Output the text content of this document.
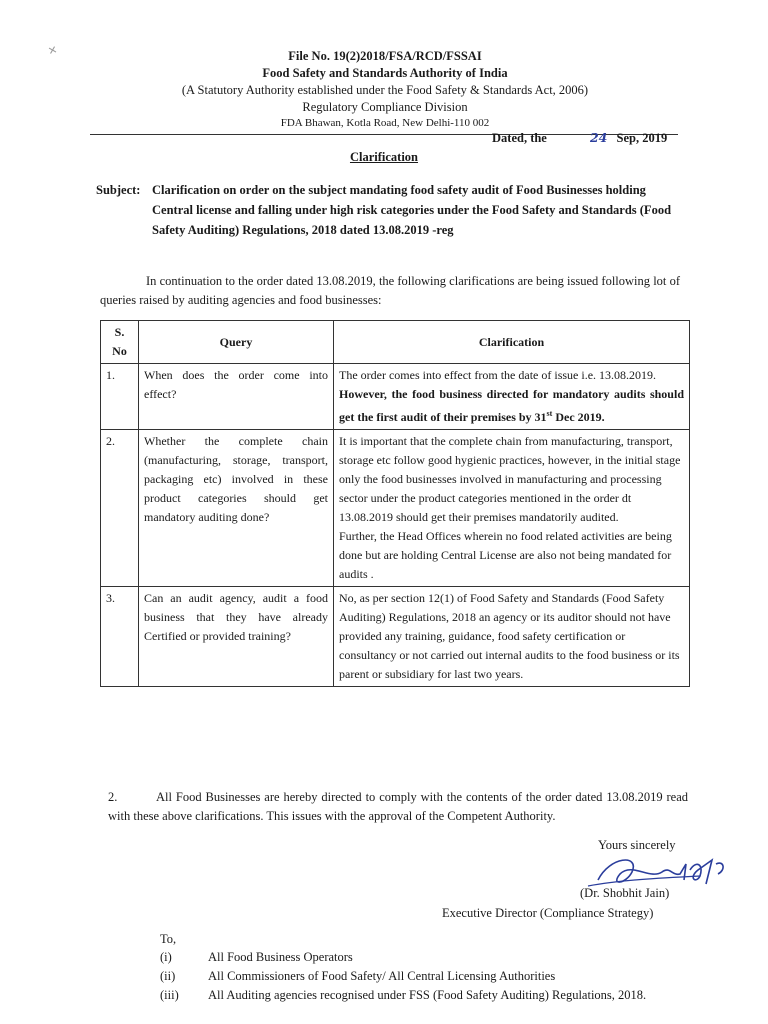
✕	File No. 19(2)2018/FSA/RCD/FSSAI
Food Safety and Standards Authority of India
(A Statutory Authority established under the Food Safety & Standards Act, 2006)
Regulatory Compliance Division
FDA Bhawan, Kotla Road, New Delhi-110 002
Dated, the	24 Sep, 2019
Clarification
Subject: Clarification on order on the subject mandating food safety audit of Food Businesses holding Central license and falling under high risk categories under the Food Safety and Standards (Food Safety Auditing) Regulations, 2018 dated 13.08.2019 -reg
In continuation to the order dated 13.08.2019, the following clarifications are being issued following lot of queries raised by auditing agencies and food businesses:
S. No	Query	Clarification
1.	When does the order come into effect?	The order comes into effect from the date of issue i.e. 13.08.2019.
However, the food business directed for mandatory audits should get the first audit of their premises by 31st Dec 2019.

2.	Whether the complete chain (manufacturing, storage, transport, packaging etc) involved in these product categories should get mandatory auditing done?	It is important that the complete chain from manufacturing, transport, storage etc follow good hygienic practices, however, in the initial stage only the food businesses involved in manufacturing and processing sector under the product categories mentioned in the order dt 13.08.2019 should get their premises mandatorily audited.
Further, the Head Offices wherein no food related activities are being done but are holding Central License are also not being mandated for audits .

3.	Can an audit agency, audit a food business that they have already Certified or provided training?	No, as per section 12(1) of Food Safety and Standards (Food Safety Auditing) Regulations, 2018 an agency or its auditor should not have provided any training, guidance, food safety certification or consultancy or not carried out internal audits to the food business or its parent or subsidiary for last two years.
2.	All Food Businesses are hereby directed to comply with the contents of the order dated 13.08.2019 read with these above clarifications. This issues with the approval of the Competent Authority.
Yours sincerely
(Dr. Shobhit Jain)
Executive Director (Compliance Strategy)
To,
(i)	All Food Business Operators
(ii)	All Commissioners of Food Safety/ All Central Licensing Authorities
(iii) All Auditing agencies recognised under FSS (Food Safety Auditing) Regulations, 2018.
